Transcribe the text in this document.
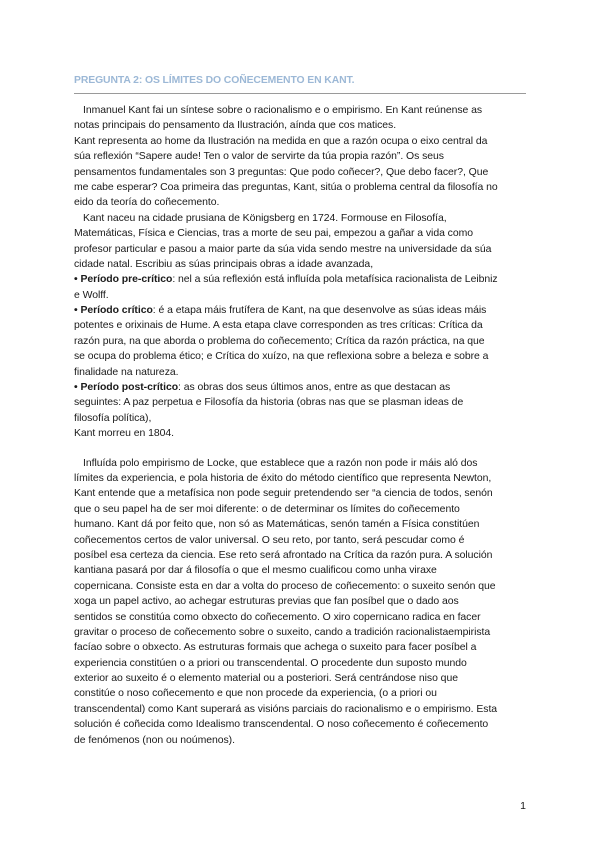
PREGUNTA 2: OS LÍMITES DO COÑECEMENTO EN KANT.
Inmanuel Kant fai un síntese sobre o racionalismo e o empirismo. En Kant reúnense as
notas principais do pensamento da Ilustración, aínda que cos matices.
Kant representa ao home da Ilustración na medida en que a razón ocupa o eixo central da
súa reflexión “Sapere aude! Ten o valor de servirte da túa propia razón”. Os seus
pensamentos fundamentales son 3 preguntas: Que podo coñecer?, Que debo facer?, Que
me cabe esperar? Coa primeira das preguntas, Kant, sitúa o problema central da filosofía no
eido da teoría do coñecemento.
Kant naceu na cidade prusiana de Königsberg en 1724. Formouse en Filosofía,
Matemáticas, Física e Ciencias, tras a morte de seu pai, empezou a gañar a vida como
profesor particular e pasou a maior parte da súa vida sendo mestre na universidade da súa
cidade natal. Escribiu as súas principais obras a idade avanzada,
• Período pre-crítico: nel a súa reflexión está influída pola metafísica racionalista de Leibniz
e Wolff.
• Período crítico: é a etapa máis frutífera de Kant, na que desenvolve as súas ideas máis
potentes e orixinais de Hume. A esta etapa clave corresponden as tres críticas: Crítica da
razón pura, na que aborda o problema do coñecemento; Crítica da razón práctica, na que
se ocupa do problema ético; e Crítica do xuízo, na que reflexiona sobre a beleza e sobre a
finalidade na natureza.
• Período post-crítico: as obras dos seus últimos anos, entre as que destacan as
seguintes: A paz perpetua e Filosofía da historia (obras nas que se plasman ideas de
filosofía política),
Kant morreu en 1804.
Influída polo empirismo de Locke, que establece que a razón non pode ir máis aló dos
límites da experiencia, e pola historia de éxito do método científico que representa Newton,
Kant entende que a metafísica non pode seguir pretendendo ser “a ciencia de todos, senón
que o seu papel ha de ser moi diferente: o de determinar os límites do coñecemento
humano. Kant dá por feito que, non só as Matemáticas, senón tamén a Física constitúen
coñecementos certos de valor universal. O seu reto, por tanto, será pescudar como é
posíbel esa certeza da ciencia. Ese reto será afrontado na Crítica da razón pura. A solución
kantiana pasará por dar á filosofía o que el mesmo cualificou como unha viraxe
copernicana. Consiste esta en dar a volta do proceso de coñecemento: o suxeito senón que
xoga un papel activo, ao achegar estruturas previas que fan posíbel que o dado aos
sentidos se constitúa como obxecto do coñecemento. O xiro copernicano radica en facer
gravitar o proceso de coñecemento sobre o suxeito, cando a tradición racionalistaempirista
facíao sobre o obxecto. As estruturas formais que achega o suxeito para facer posíbel a
experiencia constitúen o a priori ou transcendental. O procedente dun suposto mundo
exterior ao suxeito é o elemento material ou a posteriori. Será centrándose niso que
constitúe o noso coñecemento e que non procede da experiencia, (o a priori ou
transcendental) como Kant superará as visións parciais do racionalismo e o empirismo. Esta
solución é coñecida como Idealismo transcendental. O noso coñecemento é coñecemento
de fenómenos (non ou noúmenos).
1
